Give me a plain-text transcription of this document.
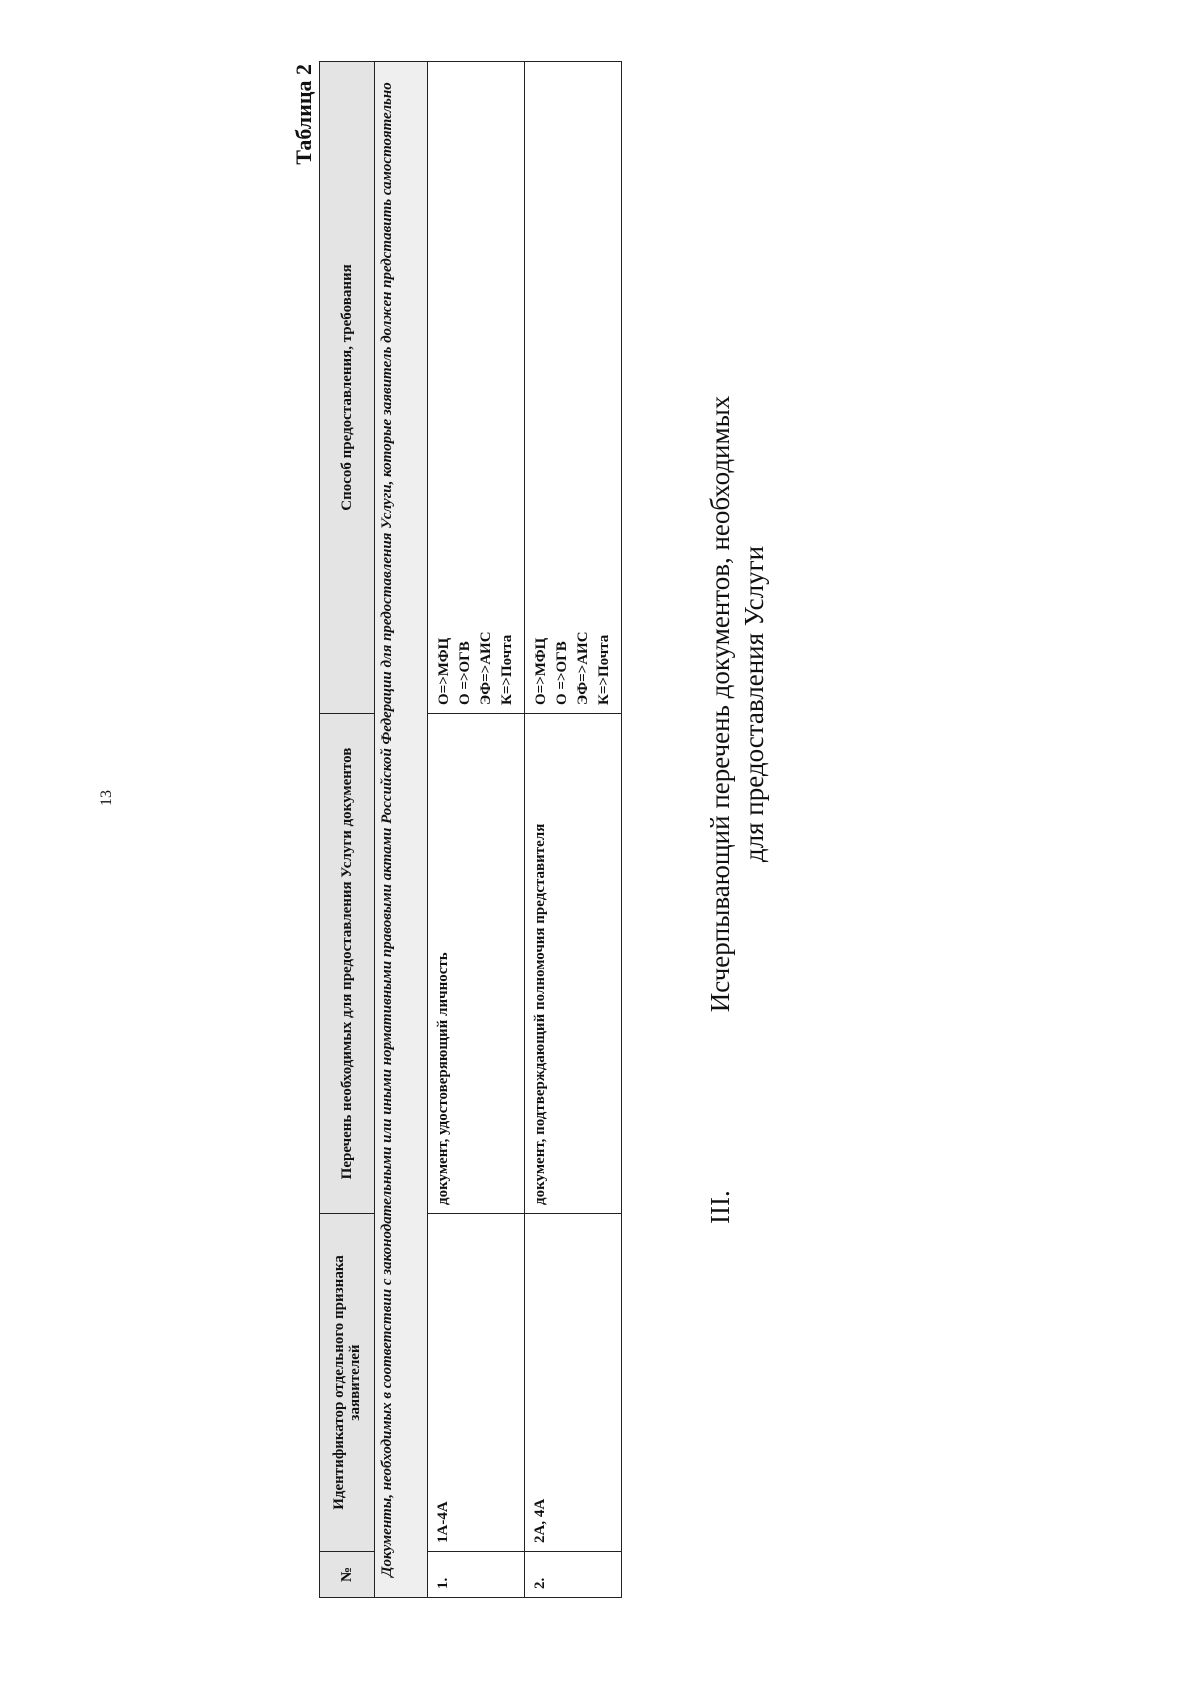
13
III.
Исчерпывающий перечень документов, необходимых для предоставления Услуги
Таблица 2
№	Идентификатор отдельного признака заявителей	Перечень необходимых для предоставления Услуги документов	Способ предоставления, требования
Документы, необходимых в соответствии с законодательными или иными нормативными правовыми актами Российской Федерации для предоставления Услуги, которые заявитель должен представить самостоятельно			
1.	1А-4А	документ, удостоверяющий личность	О=>МФЦ О =>ОГВ ЭФ=>АИС К=>Почта

2.	2А, 4А	документ, подтверждающий полномочия представителя	О=>МФЦ О =>ОГВ ЭФ=>АИС К=>Почта
